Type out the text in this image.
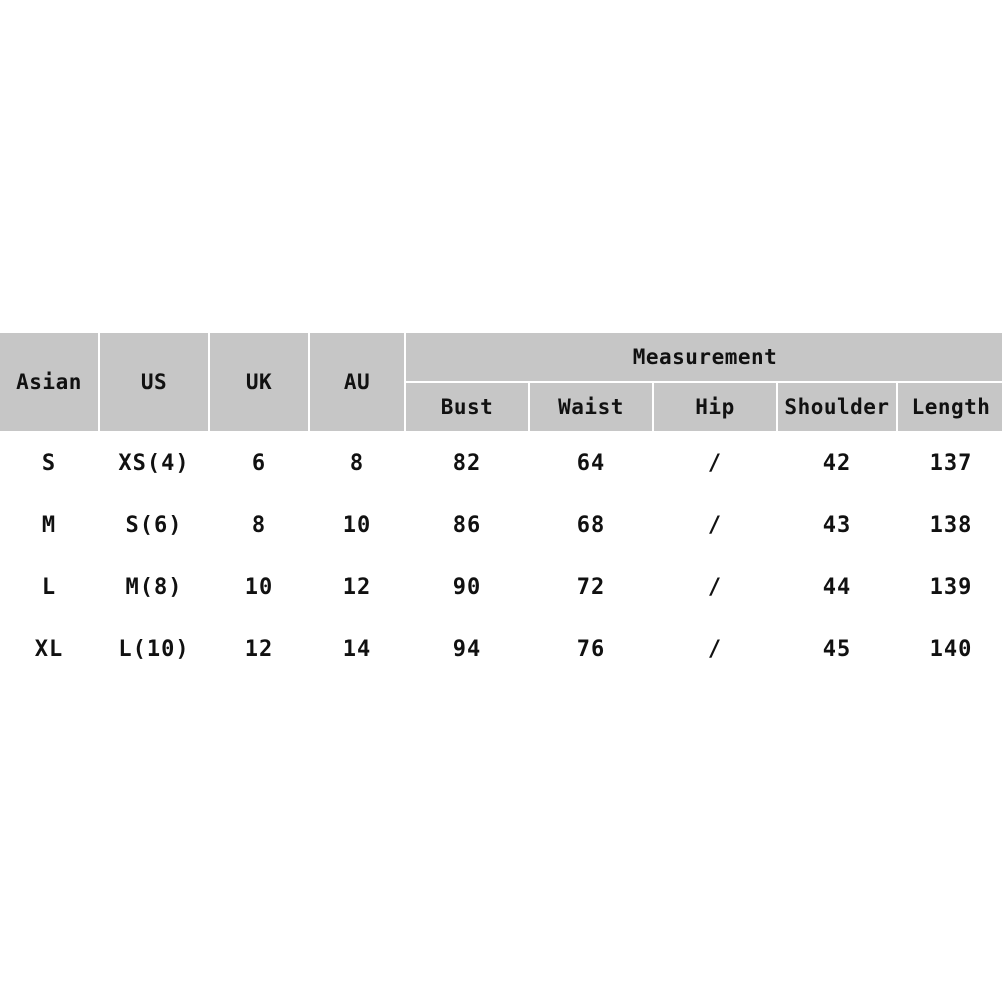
Asian	US	UK	AU	Measurement				
				Bust	Waist	Hip	Shoulder	Length
S	XS(4)	6	8	82	64	/	42	137
M	S(6)	8	10	86	68	/	43	138
L	M(8)	10	12	90	72	/	44	139
XL	L(10)	12	14	94	76	/	45	140
